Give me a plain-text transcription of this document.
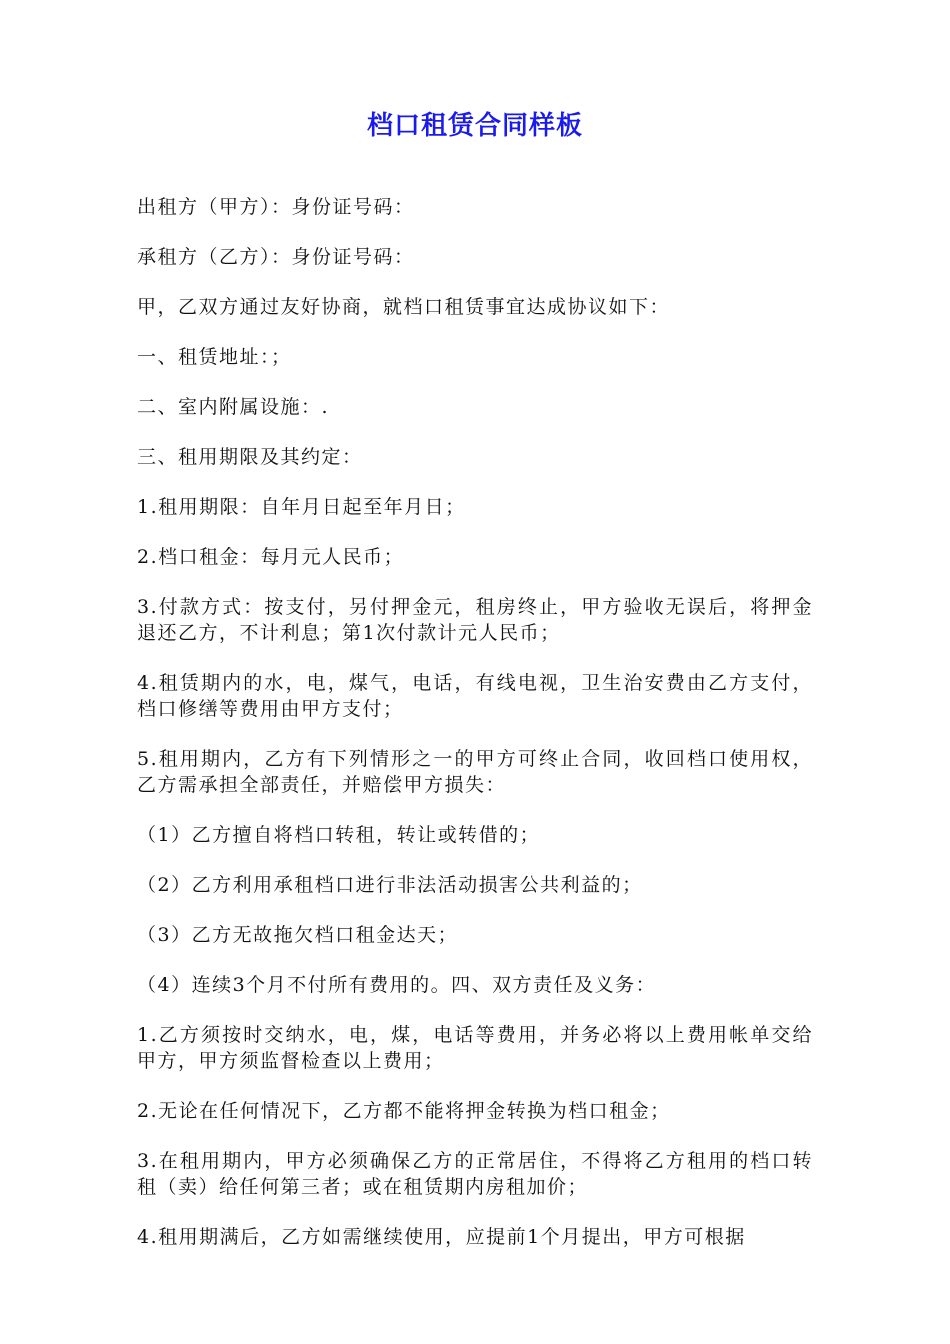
档口租赁合同样板

出租方（甲方）：身份证号码：

承租方（乙方）：身份证号码：

甲，乙双方通过友好协商，就档口租赁事宜达成协议如下：

一、租赁地址：；

二、室内附属设施：.

三、租用期限及其约定：

1.租用期限：自年月日起至年月日；

2.档口租金：每月元人民币；

3.付款方式：按支付，另付押金元，租房终止，甲方验收无误后，将押金退还乙方，不计利息；第1次付款计元人民币；

4.租赁期内的水，电，煤气，电话，有线电视，卫生治安费由乙方支付，档口修缮等费用由甲方支付；

5.租用期内，乙方有下列情形之一的甲方可终止合同，收回档口使用权，乙方需承担全部责任，并赔偿甲方损失：

（1）乙方擅自将档口转租，转让或转借的；

（2）乙方利用承租档口进行非法活动损害公共利益的；

（3）乙方无故拖欠档口租金达天；

（4）连续3个月不付所有费用的。四、双方责任及义务：

1.乙方须按时交纳水，电，煤，电话等费用，并务必将以上费用帐单交给甲方，甲方须监督检查以上费用；

2.无论在任何情况下，乙方都不能将押金转换为档口租金；

3.在租用期内，甲方必须确保乙方的正常居住，不得将乙方租用的档口转租（卖）给任何第三者；或在租赁期内房租加价；

4.租用期满后，乙方如需继续使用，应提前1个月提出，甲方可根据
